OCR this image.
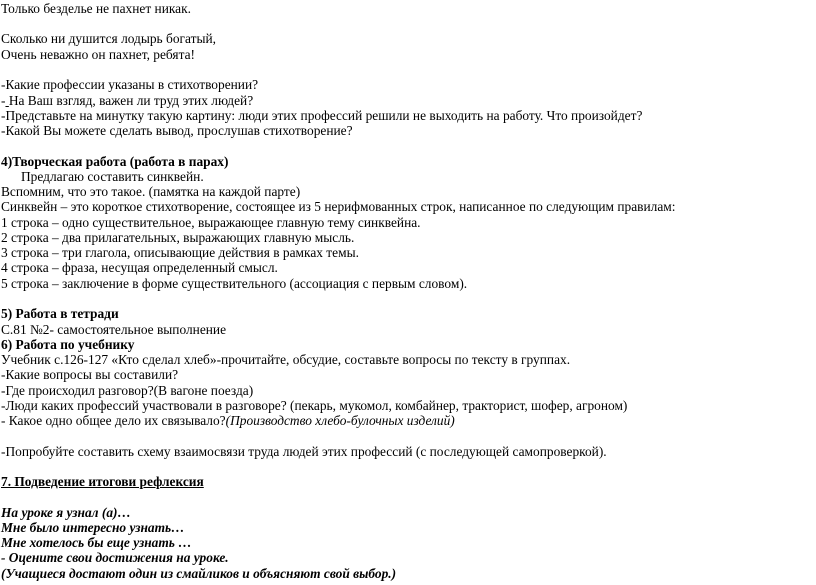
Только безделье не пахнет никак.
Сколько ни душится лодырь богатый,
Очень неважно он пахнет, ребята!
-Какие профессии указаны в стихотворении?
- На Ваш взгляд, важен ли труд этих людей?
-Представьте на минутку такую картину: люди этих профессий решили не выходить на работу. Что произойдет?
-Какой Вы можете сделать вывод, прослушав стихотворение?
4)Творческая работа (работа в парах)
Предлагаю составить синквейн.
Вспомним, что это такое. (памятка на каждой парте)
Синквейн – это короткое стихотворение, состоящее из 5 нерифмованных строк, написанное по следующим правилам:
1 строка – одно существительное, выражающее главную тему синквейна.
2 строка – два прилагательных, выражающих главную мысль.
3 строка – три глагола, описывающие действия в рамках темы.
4 строка – фраза, несущая определенный смысл.
5 строка – заключение в форме существительного (ассоциация с первым словом).
5) Работа в тетради
С.81 №2- самостоятельное выполнение
6) Работа по учебнику
Учебник с.126-127 «Кто сделал хлеб»-прочитайте, обсудие, составьте вопросы по тексту в группах.
-Какие вопросы вы составили?
-Где происходил разговор?(В вагоне поезда)
-Люди каких профессий участвовали в разговоре? (пекарь, мукомол, комбайнер, тракторист, шофер, агроном)
- Какое одно общее дело их связывало?(Производство хлебо-булочных изделий)
-Попробуйте составить схему взаимосвязи труда людей этих профессий (с последующей самопроверкой).
7. Подведение итогови рефлексия
На уроке я узнал (а)…
Мне было интересно узнать…
Мне хотелось бы еще узнать …
- Оцените свои достижения на уроке.
(Учащиеся достают один из смайликов и объясняют свой выбор.)
